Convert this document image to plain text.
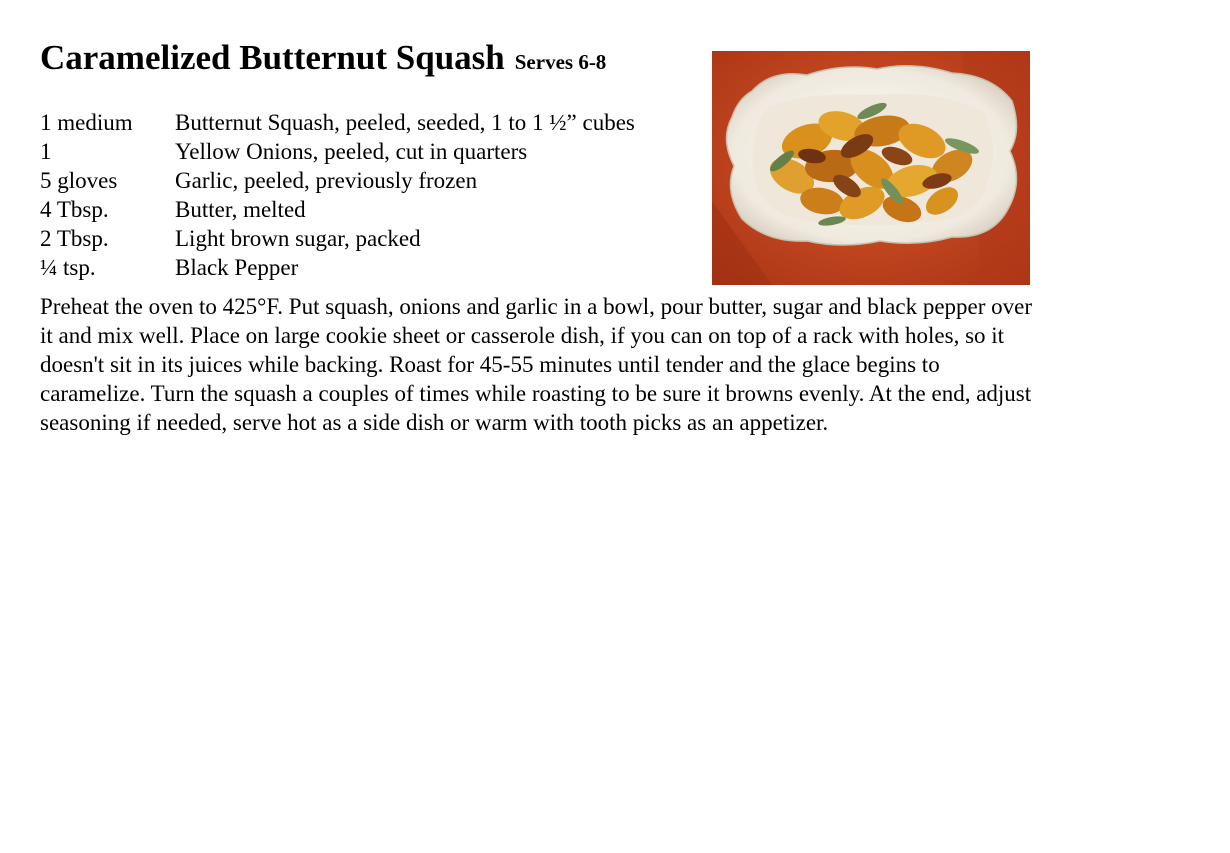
Caramelized Butternut Squash Serves 6-8
1 medium	Butternut Squash, peeled, seeded, 1 to 1 ½” cubes
1	Yellow Onions, peeled, cut in quarters
5 gloves	Garlic, peeled, previously frozen
4 Tbsp.	Butter, melted
2 Tbsp.	Light brown sugar, packed
¼ tsp.	Black Pepper

Preheat the oven to 425°F. Put squash, onions and garlic in a bowl, pour butter, sugar and black pepper over it and mix well. Place on large cookie sheet or casserole dish, if you can on top of a rack with holes, so it doesn't sit in its juices while backing. Roast for 45-55 minutes until tender and the glace begins to caramelize. Turn the squash a couples of times while roasting to be sure it browns evenly. At the end, adjust seasoning if needed, serve hot as a side dish or warm with tooth picks as an appetizer.
